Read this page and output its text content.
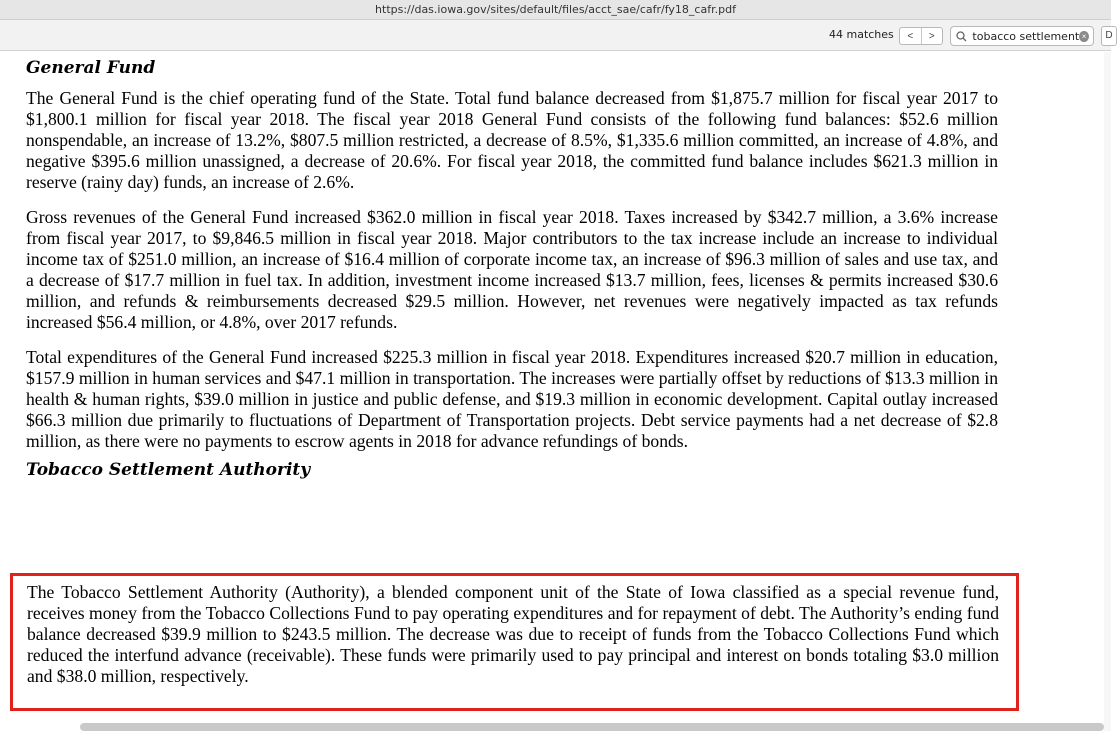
https://das.iowa.gov/sites/default/files/acct_sae/cafr/fy18_cafr.pdf
44 matches < >	tobacco settlement ×	D
General Fund

The General Fund is the chief operating fund of the State. Total fund balance decreased from $1,875.7 million for fiscal year 2017 to $1,800.1 million for fiscal year 2018. The fiscal year 2018 General Fund consists of the following fund balances: $52.6 million nonspendable, an increase of 13.2%, $807.5 million restricted, a decrease of 8.5%, $1,335.6 million committed, an increase of 4.8%, and negative $395.6 million unassigned, a decrease of 20.6%. For fiscal year 2018, the committed fund balance includes $621.3 million in reserve (rainy day) funds, an increase of 2.6%.

Gross revenues of the General Fund increased $362.0 million in fiscal year 2018. Taxes increased by $342.7 million, a 3.6% increase from fiscal year 2017, to $9,846.5 million in fiscal year 2018. Major contributors to the tax increase include an increase to individual income tax of $251.0 million, an increase of $16.4 million of corporate income tax, an increase of $96.3 million of sales and use tax, and a decrease of $17.7 million in fuel tax. In addition, investment income increased $13.7 million, fees, licenses & permits increased $30.6 million, and refunds & reimbursements decreased $29.5 million. However, net revenues were negatively impacted as tax refunds increased $56.4 million, or 4.8%, over 2017 refunds.

Total expenditures of the General Fund increased $225.3 million in fiscal year 2018. Expenditures increased $20.7 million in education, $157.9 million in human services and $47.1 million in transportation. The increases were partially offset by reductions of $13.3 million in health & human rights, $39.0 million in justice and public defense, and $19.3 million in economic development. Capital outlay increased $66.3 million due primarily to fluctuations of Department of Transportation projects. Debt service payments had a net decrease of $2.8 million, as there were no payments to escrow agents in 2018 for advance refundings of bonds.

Tobacco Settlement Authority

The Tobacco Settlement Authority (Authority), a blended component unit of the State of Iowa classified as a special revenue fund, receives money from the Tobacco Collections Fund to pay operating expenditures and for repayment of debt. The Authority’s ending fund balance decreased $39.9 million to $243.5 million. The decrease was due to receipt of funds from the Tobacco Collections Fund which reduced the interfund advance (receivable). These funds were primarily used to pay principal and interest on bonds totaling $3.0 million and $38.0 million, respectively.
